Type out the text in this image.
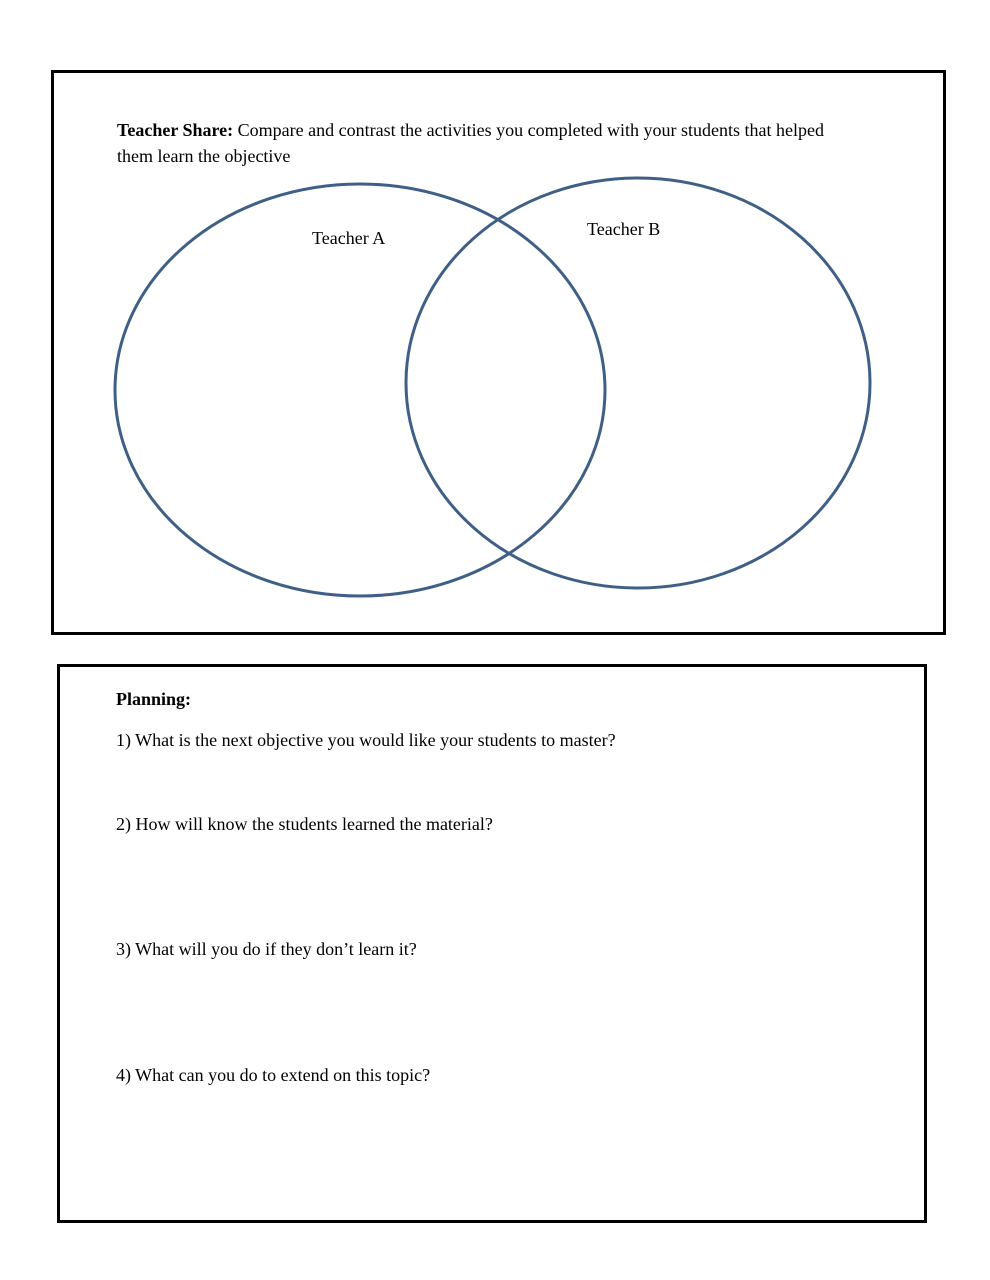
Teacher Share: Compare and contrast the activities you completed with your students that helped them learn the objective
Teacher A	Teacher B
Planning:
1) What is the next objective you would like your students to master?
2) How will know the students learned the material?
3) What will you do if they don’t learn it?
4) What can you do to extend on this topic?
